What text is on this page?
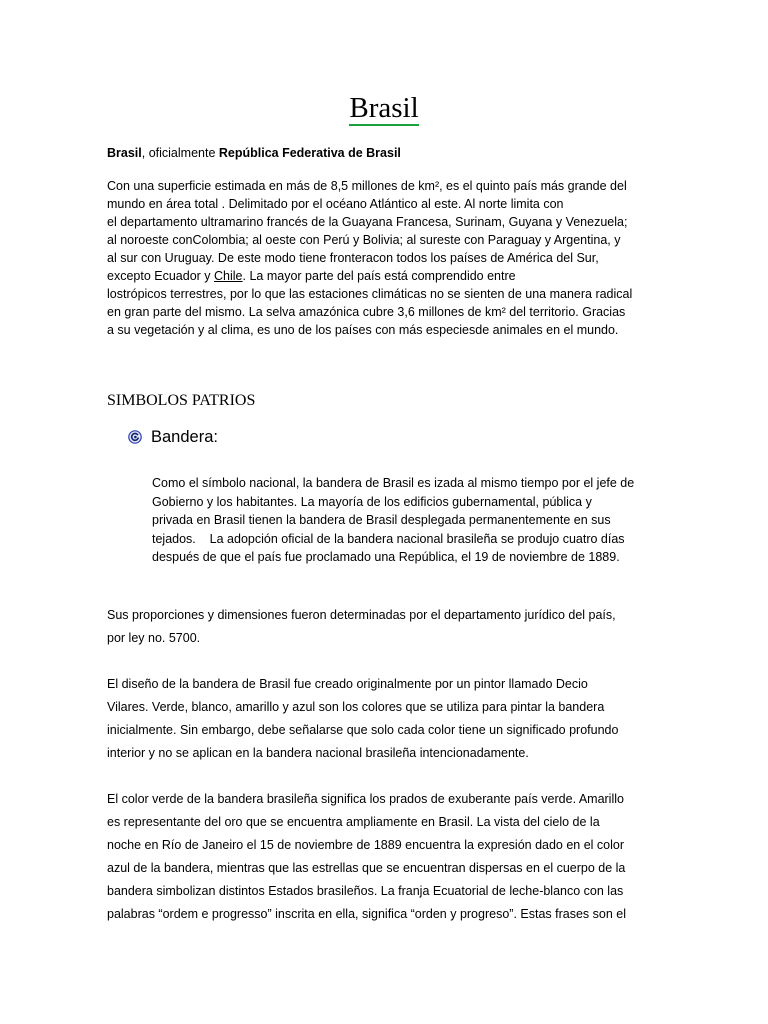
Brasil
Brasil, oficialmente República Federativa de Brasil
Con una superficie estimada en más de 8,5 millones de km², es el quinto país más grande del
mundo en área total . Delimitado por el océano Atlántico al este. Al norte limita con
el departamento ultramarino francés de la Guayana Francesa, Surinam, Guyana y Venezuela;
al noroeste conColombia; al oeste con Perú y Bolivia; al sureste con Paraguay y Argentina, y
al sur con Uruguay. De este modo tiene fronteracon todos los países de América del Sur,
excepto Ecuador y Chile. La mayor parte del país está comprendido entre
lostrópicos terrestres, por lo que las estaciones climáticas no se sienten de una manera radical
en gran parte del mismo. La selva amazónica cubre 3,6 millones de km² del territorio. Gracias
a su vegetación y al clima, es uno de los países con más especiesde animales en el mundo.
SIMBOLOS PATRIOS
Bandera:
Como el símbolo nacional, la bandera de Brasil es izada al mismo tiempo por el jefe de
Gobierno y los habitantes. La mayoría de los edificios gubernamental, pública y
privada en Brasil tienen la bandera de Brasil desplegada permanentemente en sus
tejados.    La adopción oficial de la bandera nacional brasileña se produjo cuatro días
después de que el país fue proclamado una República, el 19 de noviembre de 1889.
Sus proporciones y dimensiones fueron determinadas por el departamento jurídico del país,
por ley no. 5700.
El diseño de la bandera de Brasil fue creado originalmente por un pintor llamado Decio
Vilares. Verde, blanco, amarillo y azul son los colores que se utiliza para pintar la bandera
inicialmente. Sin embargo, debe señalarse que solo cada color tiene un significado profundo
interior y no se aplican en la bandera nacional brasileña intencionadamente.
El color verde de la bandera brasileña significa los prados de exuberante país verde. Amarillo
es representante del oro que se encuentra ampliamente en Brasil. La vista del cielo de la
noche en Río de Janeiro el 15 de noviembre de 1889 encuentra la expresión dado en el color
azul de la bandera, mientras que las estrellas que se encuentran dispersas en el cuerpo de la
bandera simbolizan distintos Estados brasileños. La franja Ecuatorial de leche-blanco con las
palabras “ordem e progresso” inscrita en ella, significa “orden y progreso”. Estas frases son el
